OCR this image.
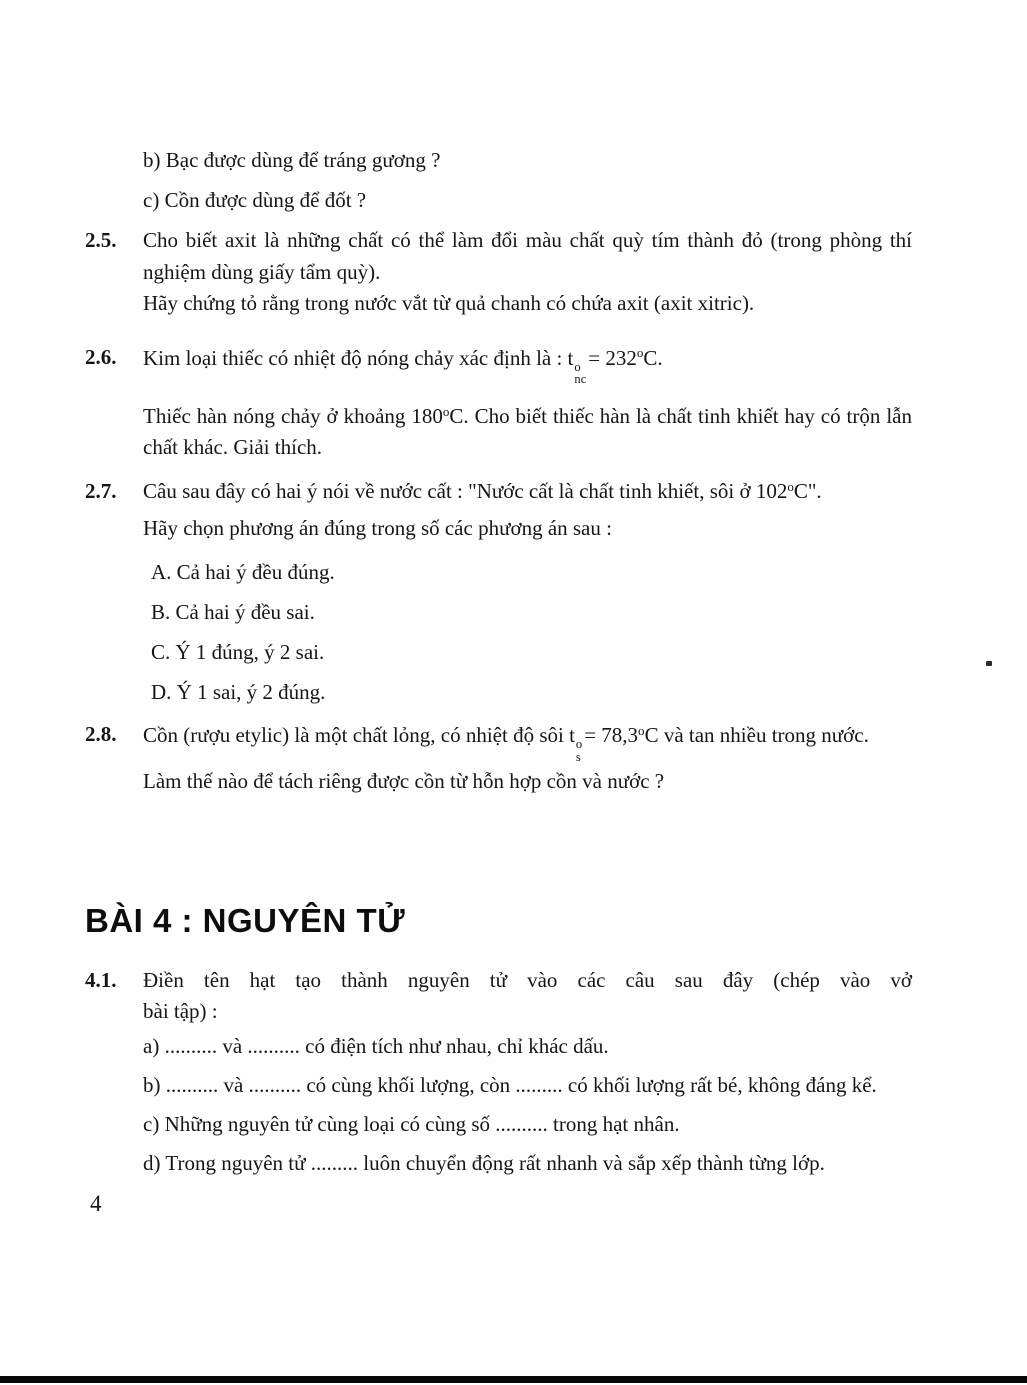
b) Bạc được dùng để tráng gương ?
c) Cồn được dùng để đốt ?
2.5.	Cho biết axit là những chất có thể làm đổi màu chất quỳ tím thành đỏ (trong phòng thí nghiệm dùng giấy tẩm quỳ).

Hãy chứng tỏ rằng trong nước vắt từ quả chanh có chứa axit (axit xitric).

2.6.	Kim loại thiếc có nhiệt độ nóng chảy xác định là : t o
nc
= $232^oC$.

Thiếc hàn nóng chảy ở khoảng 180$^o$C. Cho biết thiếc hàn là chất tinh khiết hay có trộn lẫn chất khác. Giải thích.

2.7.	Câu sau đây có hai ý nói về nước cất : "Nước cất là chất tinh khiết, sôi ở 102$^o$C".

Hãy chọn phương án đúng trong số các phương án sau :

A. Cả hai ý đều đúng.
B. Cả hai ý đều sai.
C. Ý 1 đúng, ý 2 sai.
D. Ý 1 sai, ý 2 đúng.
2.8.	Cồn (rượu etylic) là một chất lỏng, có nhiệt độ sôi t o
s
= $78,3^oC$ và tan nhiều trong nước.

Làm thế nào để tách riêng được cồn từ hỗn hợp cồn và nước ?

BÀI 4 : NGUYÊN TỬ
4.1.	Điền tên hạt tạo thành nguyên tử vào các câu sau đây (chép vào vở
bài tập) :

a) .......... và .......... có điện tích như nhau, chỉ khác dấu.
b) .......... và .......... có cùng khối lượng, còn ......... có khối lượng rất bé, không đáng kể.
c) Những nguyên tử cùng loại có cùng số .......... trong hạt nhân.
d) Trong nguyên tử ......... luôn chuyển động rất nhanh và sắp xếp thành từng lớp.
4
